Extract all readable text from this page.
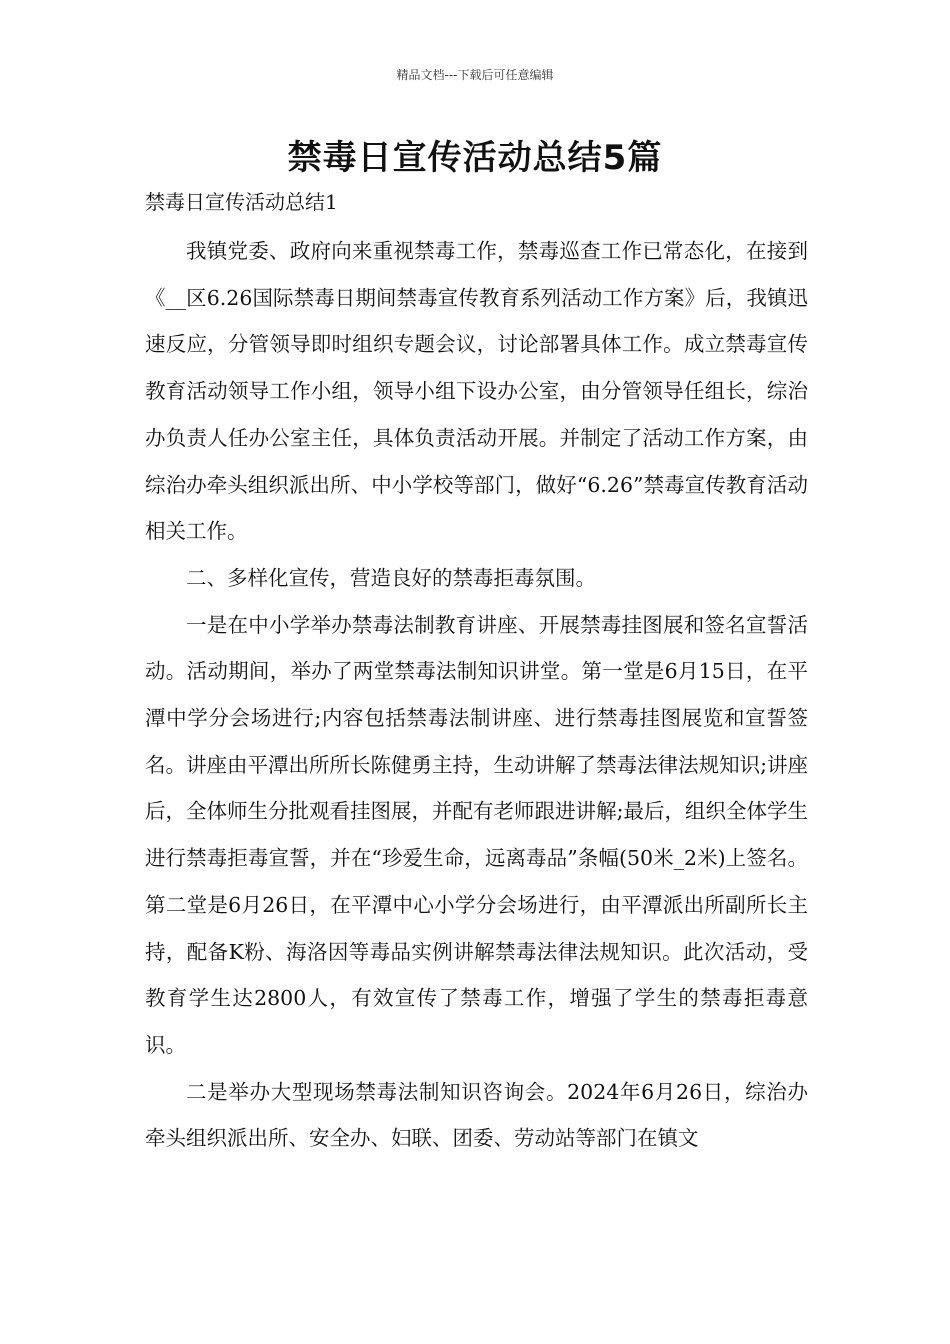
精品文档---下载后可任意编辑
禁毒日宣传活动总结5篇
禁毒日宣传活动总结1

我镇党委、政府向来重视禁毒工作，禁毒巡查工作已常态化，在接到《__区6.26国际禁毒日期间禁毒宣传教育系列活动工作方案》后，我镇迅速反应，分管领导即时组织专题会议，讨论部署具体工作。成立禁毒宣传教育活动领导工作小组，领导小组下设办公室，由分管领导任组长，综治办负责人任办公室主任，具体负责活动开展。并制定了活动工作方案，由综治办牵头组织派出所、中小学校等部门，做好“6.26”禁毒宣传教育活动相关工作。

二、多样化宣传，营造良好的禁毒拒毒氛围。

一是在中小学举办禁毒法制教育讲座、开展禁毒挂图展和签名宣誓活动。活动期间，举办了两堂禁毒法制知识讲堂。第一堂是6月15日，在平潭中学分会场进行;内容包括禁毒法制讲座、进行禁毒挂图展览和宣誓签名。讲座由平潭出所所长陈健勇主持，生动讲解了禁毒法律法规知识;讲座后，全体师生分批观看挂图展，并配有老师跟进讲解;最后，组织全体学生进行禁毒拒毒宣誓，并在“珍爱生命，远离毒品”条幅(50米_2米)上签名。第二堂是6月26日，在平潭中心小学分会场进行，由平潭派出所副所长主持，配备K粉、海洛因等毒品实例讲解禁毒法律法规知识。此次活动，受教育学生达2800人，有效宣传了禁毒工作，增强了学生的禁毒拒毒意识。

二是举办大型现场禁毒法制知识咨询会。2024年6月26日，综治办牵头组织派出所、安全办、妇联、团委、劳动站等部门在镇文
